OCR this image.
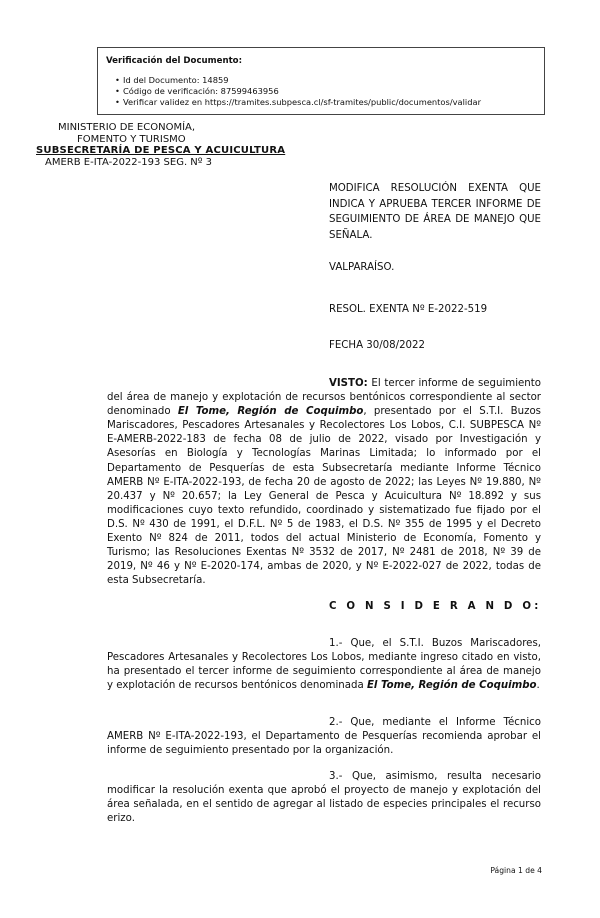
Verificación del Documento:
• Id del Documento: 14859
• Código de verificación: 87599463956
• Verificar validez en https://tramites.subpesca.cl/sf-tramites/public/documentos/validar
MINISTERIO DE ECONOMÍA,
FOMENTO Y TURISMO
SUBSECRETARÍA DE PESCA Y ACUICULTURA
AMERB E-ITA-2022-193 SEG. Nº 3
MODIFICA RESOLUCIÓN EXENTA QUE INDICA Y APRUEBA TERCER INFORME DE SEGUIMIENTO DE ÁREA DE MANEJO QUE SEÑALA.
VALPARAÍSO.
RESOL. EXENTA Nº E-2022-519
FECHA 30/08/2022
VISTO: El tercer informe de seguimiento del área de manejo y explotación de recursos bentónicos correspondiente al sector denominado El Tome, Región de Coquimbo, presentado por el S.T.I. Buzos Mariscadores, Pescadores Artesanales y Recolectores Los Lobos, C.I. SUBPESCA Nº E-AMERB-2022-183 de fecha 08 de julio de 2022, visado por Investigación y Asesorías en Biología y Tecnologías Marinas Limitada; lo informado por el Departamento de Pesquerías de esta Subsecretaría mediante Informe Técnico AMERB Nº E-ITA-2022-193, de fecha 20 de agosto de 2022; las Leyes Nº 19.880, Nº 20.437 y Nº 20.657; la Ley General de Pesca y Acuicultura Nº 18.892 y sus modificaciones cuyo texto refundido, coordinado y sistematizado fue fijado por el D.S. Nº 430 de 1991, el D.F.L. Nº 5 de 1983, el D.S. Nº 355 de 1995 y el Decreto Exento Nº 824 de 2011, todos del actual Ministerio de Economía, Fomento y Turismo; las Resoluciones Exentas Nº 3532 de 2017, Nº 2481 de 2018, Nº 39 de 2019, Nº 46 y Nº E-2020-174, ambas de 2020, y Nº E-2022-027 de 2022, todas de esta Subsecretaría.
C O N S I D E R A N D O:
1.- Que, el S.T.I. Buzos Mariscadores, Pescadores Artesanales y Recolectores Los Lobos, mediante ingreso citado en visto, ha presentado el tercer informe de seguimiento correspondiente al área de manejo y explotación de recursos bentónicos denominada El Tome, Región de Coquimbo.
2.- Que, mediante el Informe Técnico AMERB Nº E-ITA-2022-193, el Departamento de Pesquerías recomienda aprobar el informe de seguimiento presentado por la organización.
3.- Que, asimismo, resulta necesario modificar la resolución exenta que aprobó el proyecto de manejo y explotación del área señalada, en el sentido de agregar al listado de especies principales el recurso erizo.
Página 1 de 4
